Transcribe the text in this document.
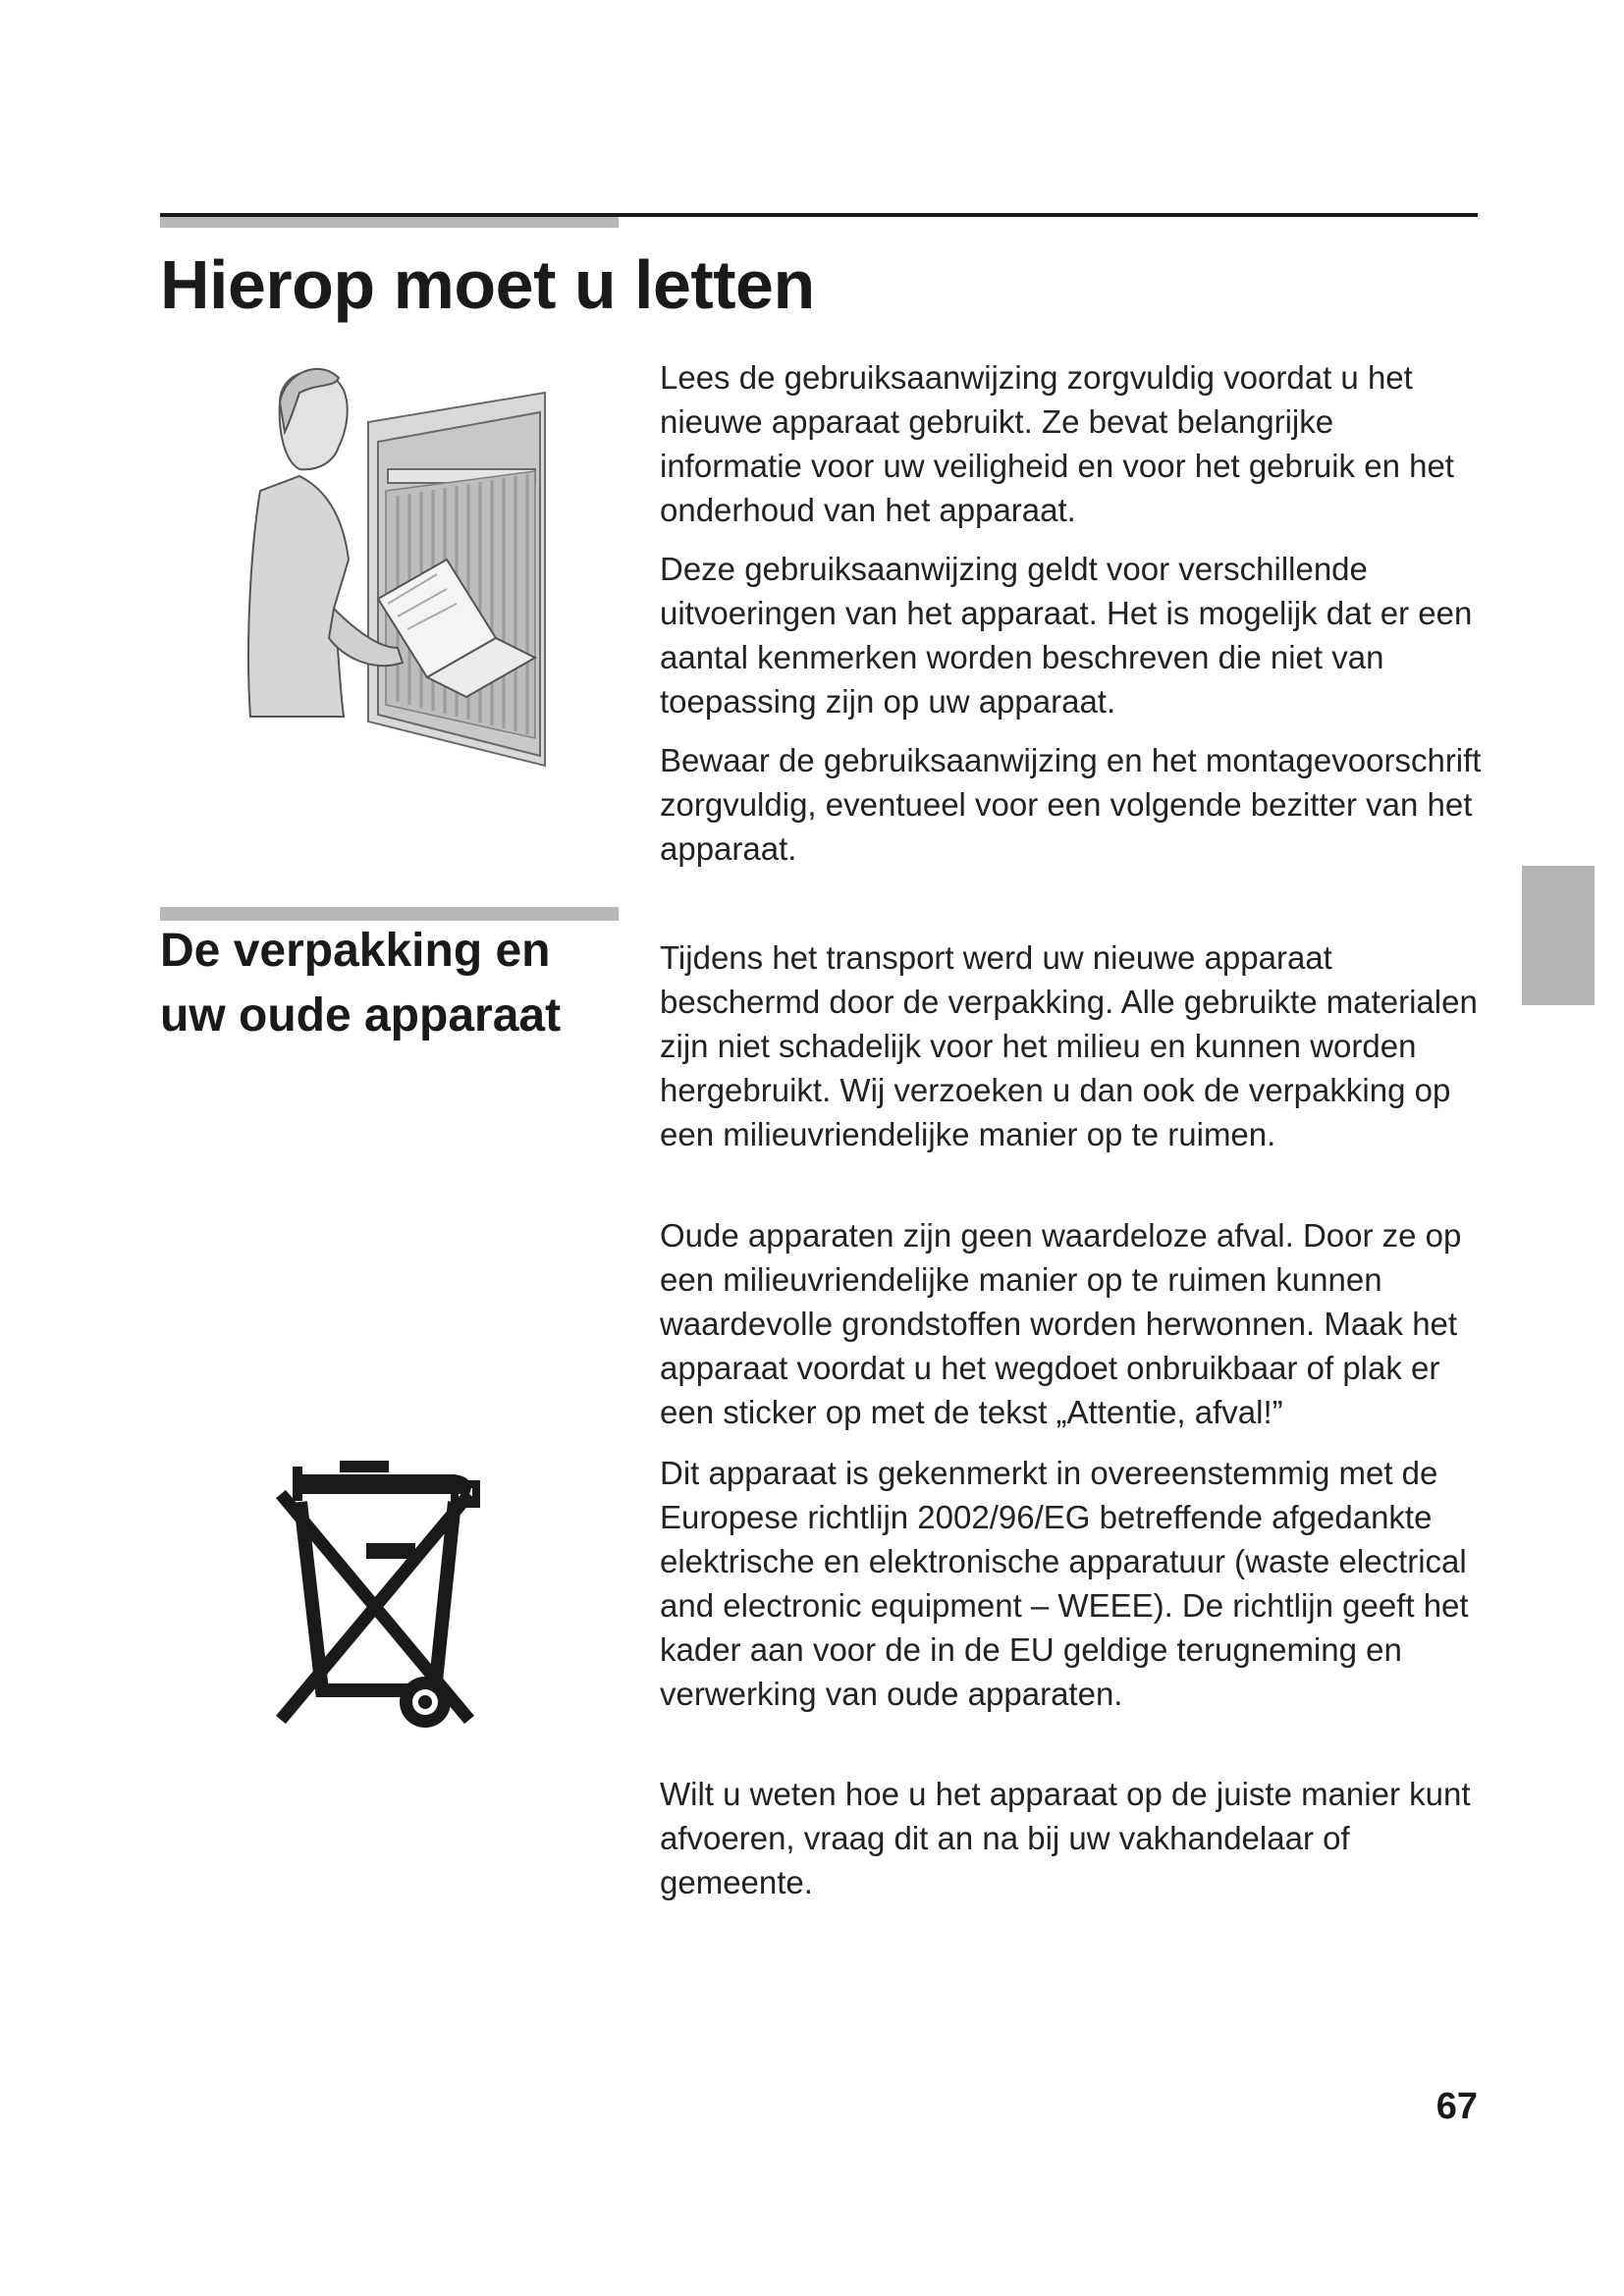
Hierop moet u letten
Lees de gebruiksaanwijzing zorgvuldig voordat u het nieuwe apparaat gebruikt. Ze bevat belangrijke informatie voor uw veiligheid en voor het gebruik en het onderhoud van het apparaat.
Deze gebruiksaanwijzing geldt voor verschillende uitvoeringen van het apparaat. Het is mogelijk dat er een aantal kenmerken worden beschreven die niet van toepassing zijn op uw apparaat.
Bewaar de gebruiksaanwijzing en het montagevoorschrift zorgvuldig, eventueel voor een volgende bezitter van het apparaat.
De verpakking en uw oude apparaat
Tijdens het transport werd uw nieuwe apparaat beschermd door de verpakking. Alle gebruikte materialen zijn niet schadelijk voor het milieu en kunnen worden hergebruikt. Wij verzoeken u dan ook de verpakking op een milieuvriendelijke manier op te ruimen.
Oude apparaten zijn geen waardeloze afval. Door ze op een milieuvriendelijke manier op te ruimen kunnen waardevolle grondstoffen worden herwonnen. Maak het apparaat voordat u het wegdoet onbruikbaar of plak er een sticker op met de tekst „Attentie, afval!”
Dit apparaat is gekenmerkt in overeenstemmig met de Europese richtlijn 2002/96/EG betreffende afgedankte elektrische en elektronische apparatuur (waste electrical and electronic equipment – WEEE). De richtlijn geeft het kader aan voor de in de EU geldige terugneming en verwerking van oude apparaten.
Wilt u weten hoe u het apparaat op de juiste manier kunt afvoeren, vraag dit an na bij uw vakhandelaar of gemeente.
67
